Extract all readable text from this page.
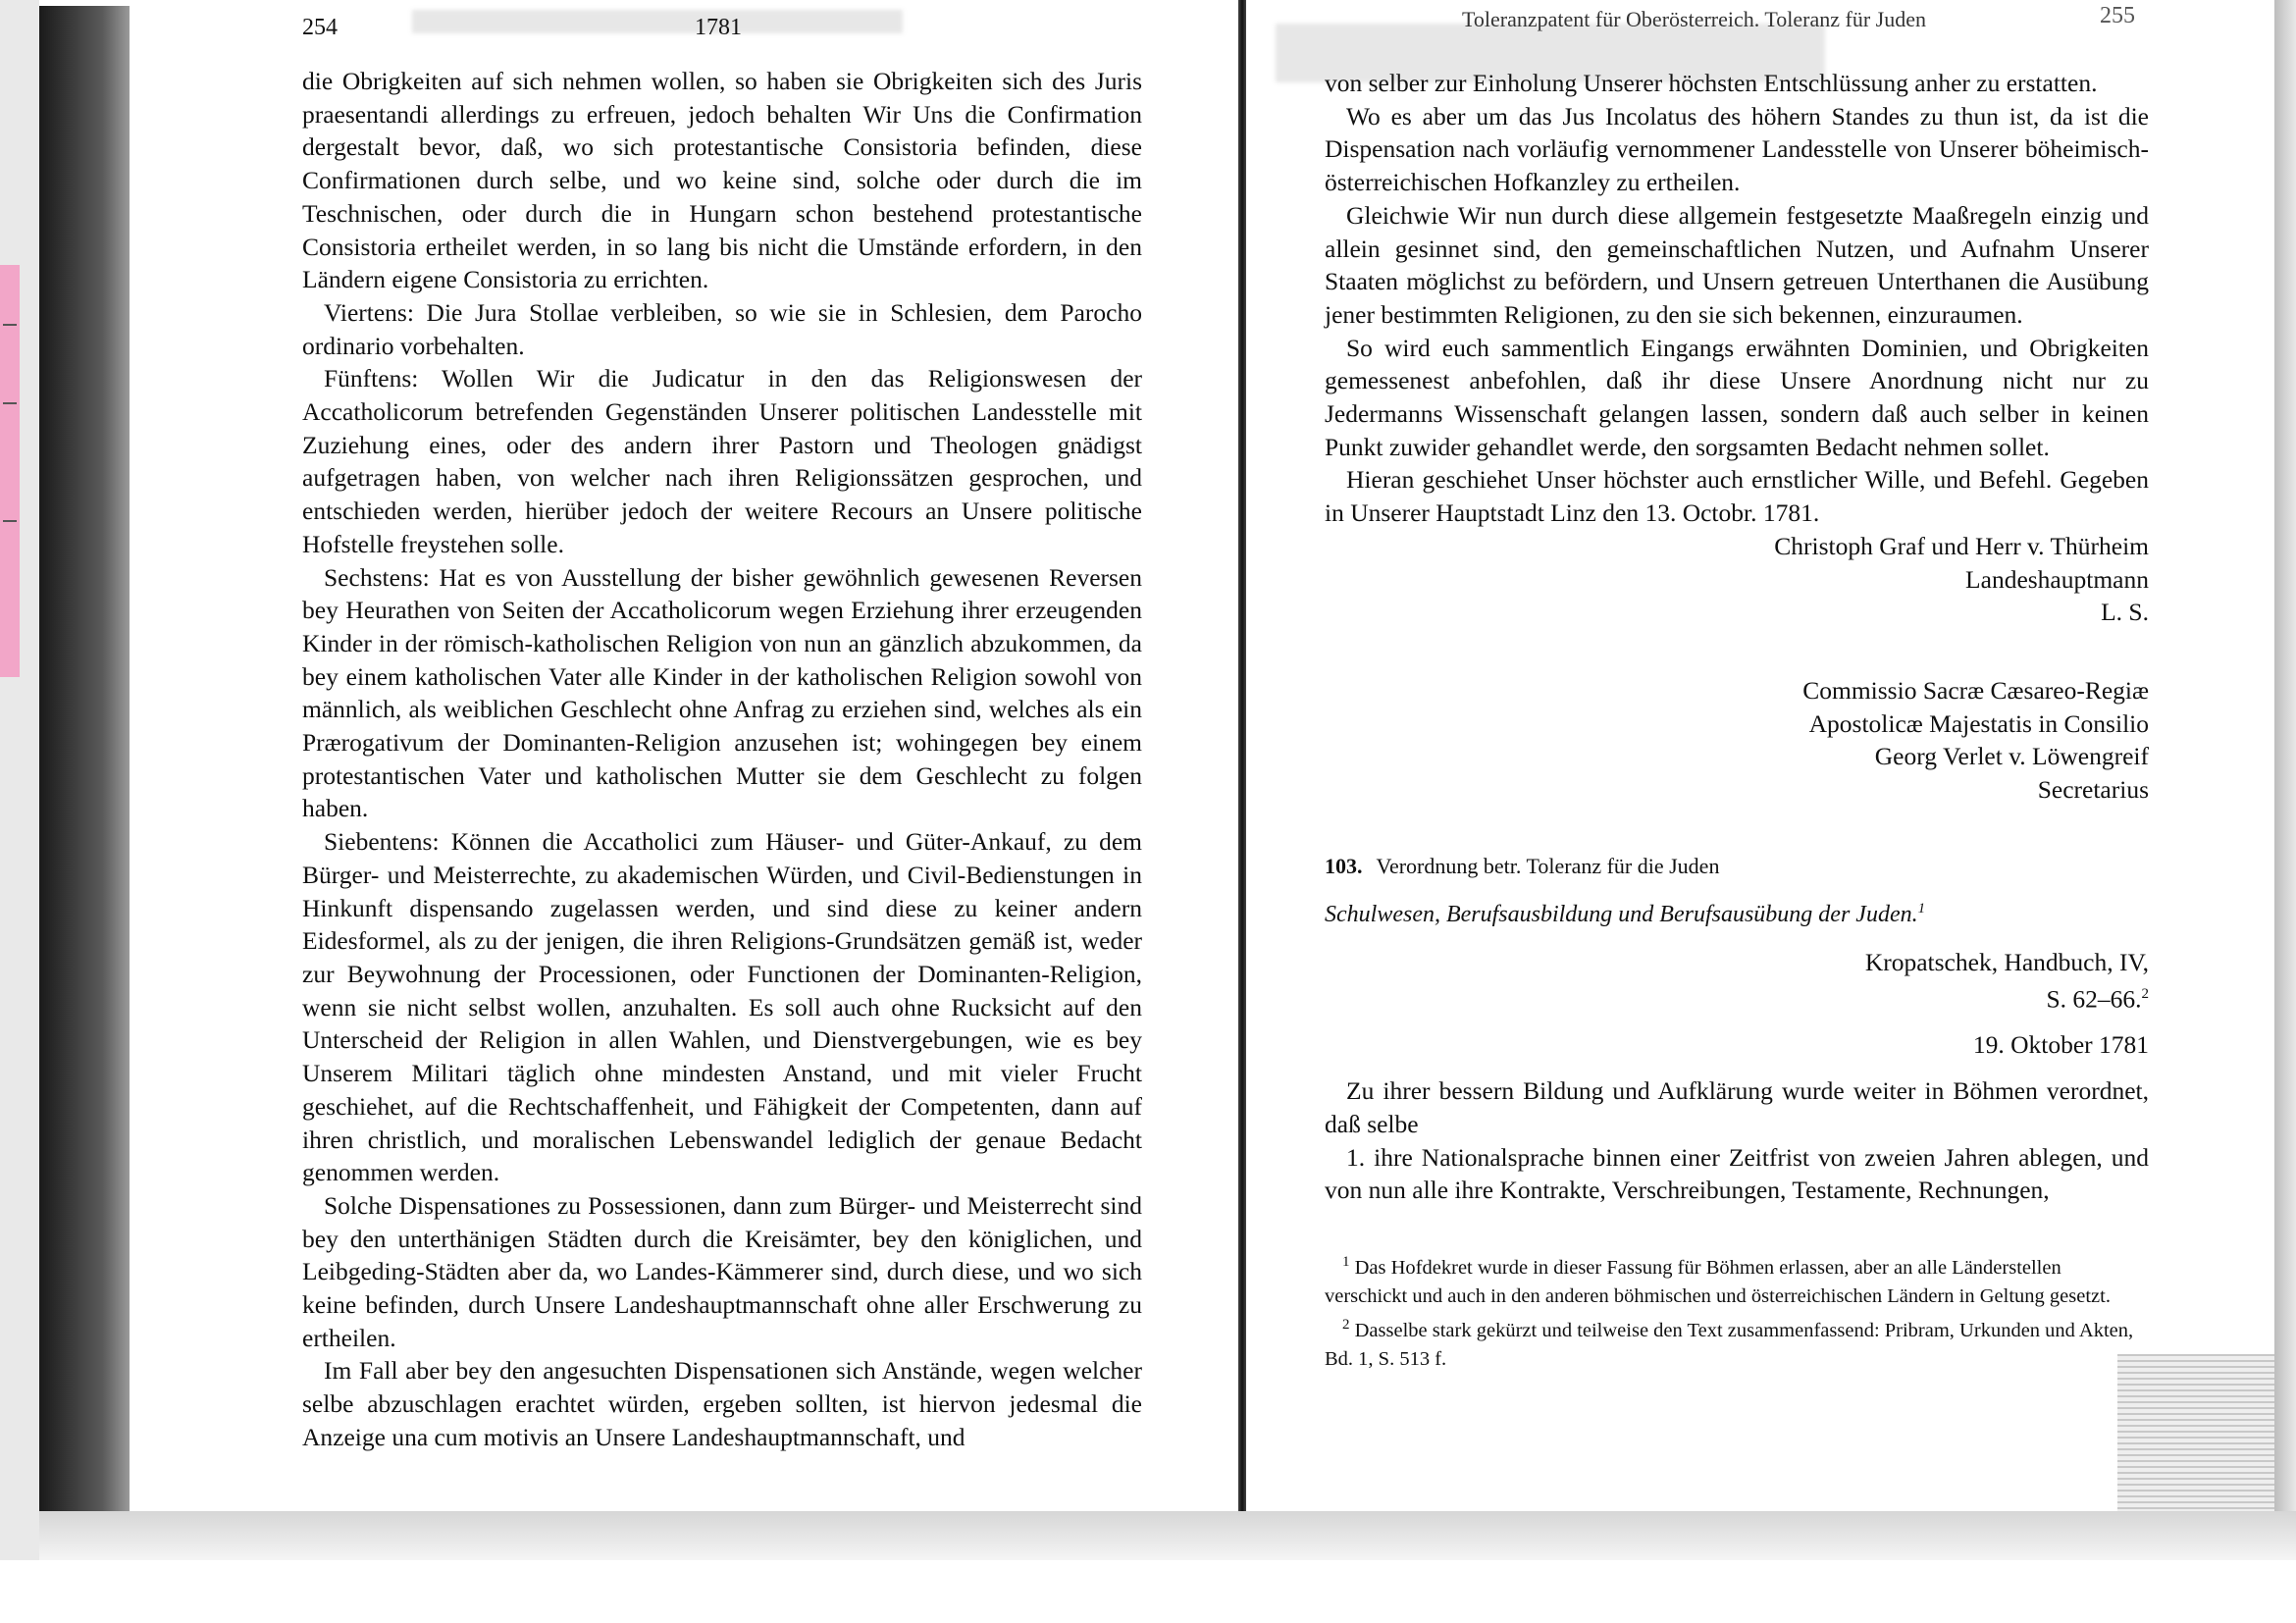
254	1781

die Obrigkeiten auf sich nehmen wollen, so haben sie Obrigkeiten sich des Juris praesentandi allerdings zu erfreuen, jedoch behalten Wir Uns die Confirmation dergestalt bevor, daß, wo sich protestantische Consistoria befinden, diese Confirmationen durch selbe, und wo keine sind, solche oder durch die im Teschnischen, oder durch die in Hungarn schon bestehend protestantische Consistoria ertheilet werden, in so lang bis nicht die Umstände erfordern, in den Ländern eigene Consistoria zu errichten.

Viertens: Die Jura Stollae verbleiben, so wie sie in Schlesien, dem Parocho ordinario vorbehalten.

Fünftens: Wollen Wir die Judicatur in den das Religionswesen der Accatholicorum betrefenden Gegenständen Unserer politischen Landesstelle mit Zuziehung eines, oder des andern ihrer Pastorn und Theologen gnädigst aufgetragen haben, von welcher nach ihren Religionssätzen gesprochen, und entschieden werden, hierüber jedoch der weitere Recours an Unsere politische Hofstelle freystehen solle.

Sechstens: Hat es von Ausstellung der bisher gewöhnlich gewesenen Reversen bey Heurathen von Seiten der Accatholicorum wegen Erziehung ihrer erzeugenden Kinder in der römisch-katholischen Religion von nun an gänzlich abzukommen, da bey einem katholischen Vater alle Kinder in der katholischen Religion sowohl von männlich, als weiblichen Geschlecht ohne Anfrag zu erziehen sind, welches als ein Prærogativum der Dominanten-Religion anzusehen ist; wohingegen bey einem protestantischen Vater und katholischen Mutter sie dem Geschlecht zu folgen haben.

Siebentens: Können die Accatholici zum Häuser- und Güter-Ankauf, zu dem Bürger- und Meisterrechte, zu akademischen Würden, und Civil-Bedienstungen in Hinkunft dispensando zugelassen werden, und sind diese zu keiner andern Eidesformel, als zu der jenigen, die ihren Religions-Grundsätzen gemäß ist, weder zur Beywohnung der Processionen, oder Functionen der Dominanten-Religion, wenn sie nicht selbst wollen, anzuhalten. Es soll auch ohne Rucksicht auf den Unterscheid der Religion in allen Wahlen, und Dienstvergebungen, wie es bey Unserem Militari täglich ohne mindesten Anstand, und mit vieler Frucht geschiehet, auf die Rechtschaffenheit, und Fähigkeit der Competenten, dann auf ihren christlich, und moralischen Lebenswandel lediglich der genaue Bedacht genommen werden.

Solche Dispensationes zu Possessionen, dann zum Bürger- und Meisterrecht sind bey den unterthänigen Städten durch die Kreisämter, bey den königlichen, und Leibgeding-Städten aber da, wo Landes-Kämmerer sind, durch diese, und wo sich keine befinden, durch Unsere Landeshauptmannschaft ohne aller Erschwerung zu ertheilen.

Im Fall aber bey den angesuchten Dispensationen sich Anstände, wegen welcher selbe abzuschlagen erachtet würden, ergeben sollten, ist hiervon jedesmal die Anzeige una cum motivis an Unsere Landeshauptmannschaft, und

Toleranzpatent für Oberösterreich. Toleranz für Juden	255

von selber zur Einholung Unserer höchsten Entschlüssung anher zu erstatten.

Wo es aber um das Jus Incolatus des höhern Standes zu thun ist, da ist die Dispensation nach vorläufig vernommener Landesstelle von Unserer böheimisch-österreichischen Hofkanzley zu ertheilen.

Gleichwie Wir nun durch diese allgemein festgesetzte Maaßregeln einzig und allein gesinnet sind, den gemeinschaftlichen Nutzen, und Aufnahm Unserer Staaten möglichst zu befördern, und Unsern getreuen Unterthanen die Ausübung jener bestimmten Religionen, zu den sie sich bekennen, einzuraumen.

So wird euch sammentlich Eingangs erwähnten Dominien, und Obrigkeiten gemessenest anbefohlen, daß ihr diese Unsere Anordnung nicht nur zu Jedermanns Wissenschaft gelangen lassen, sondern daß auch selber in keinen Punkt zuwider gehandlet werde, den sorgsamten Bedacht nehmen sollet.

Hieran geschiehet Unser höchster auch ernstlicher Wille, und Befehl. Gegeben in Unserer Hauptstadt Linz den 13. Octobr. 1781.

Christoph Graf und Herr v. Thürheim
Landeshauptmann
L. S.
Commissio Sacræ Cæsareo-Regiæ
Apostolicæ Majestatis in Consilio
Georg Verlet v. Löwengreif
Secretarius
103. Verordnung betr. Toleranz für die Juden
Schulwesen, Berufsausbildung und Berufsausübung der Juden.$^1$
Kropatschek, Handbuch, IV,
S. 62–66.$^2$
19. Oktober 1781

Zu ihrer bessern Bildung und Aufklärung wurde weiter in Böhmen verordnet, daß selbe

1. ihre Nationalsprache binnen einer Zeitfrist von zweien Jahren ablegen, und von nun alle ihre Kontrakte, Verschreibungen, Testamente, Rechnungen,

$^1$ Das Hofdekret wurde in dieser Fassung für Böhmen erlassen, aber an alle Länderstellen verschickt und auch in den anderen böhmischen und österreichischen Ländern in Geltung gesetzt.

$^2$ Dasselbe stark gekürzt und teilweise den Text zusammenfassend: Pribram, Urkunden und Akten, Bd. 1, S. 513 f.
